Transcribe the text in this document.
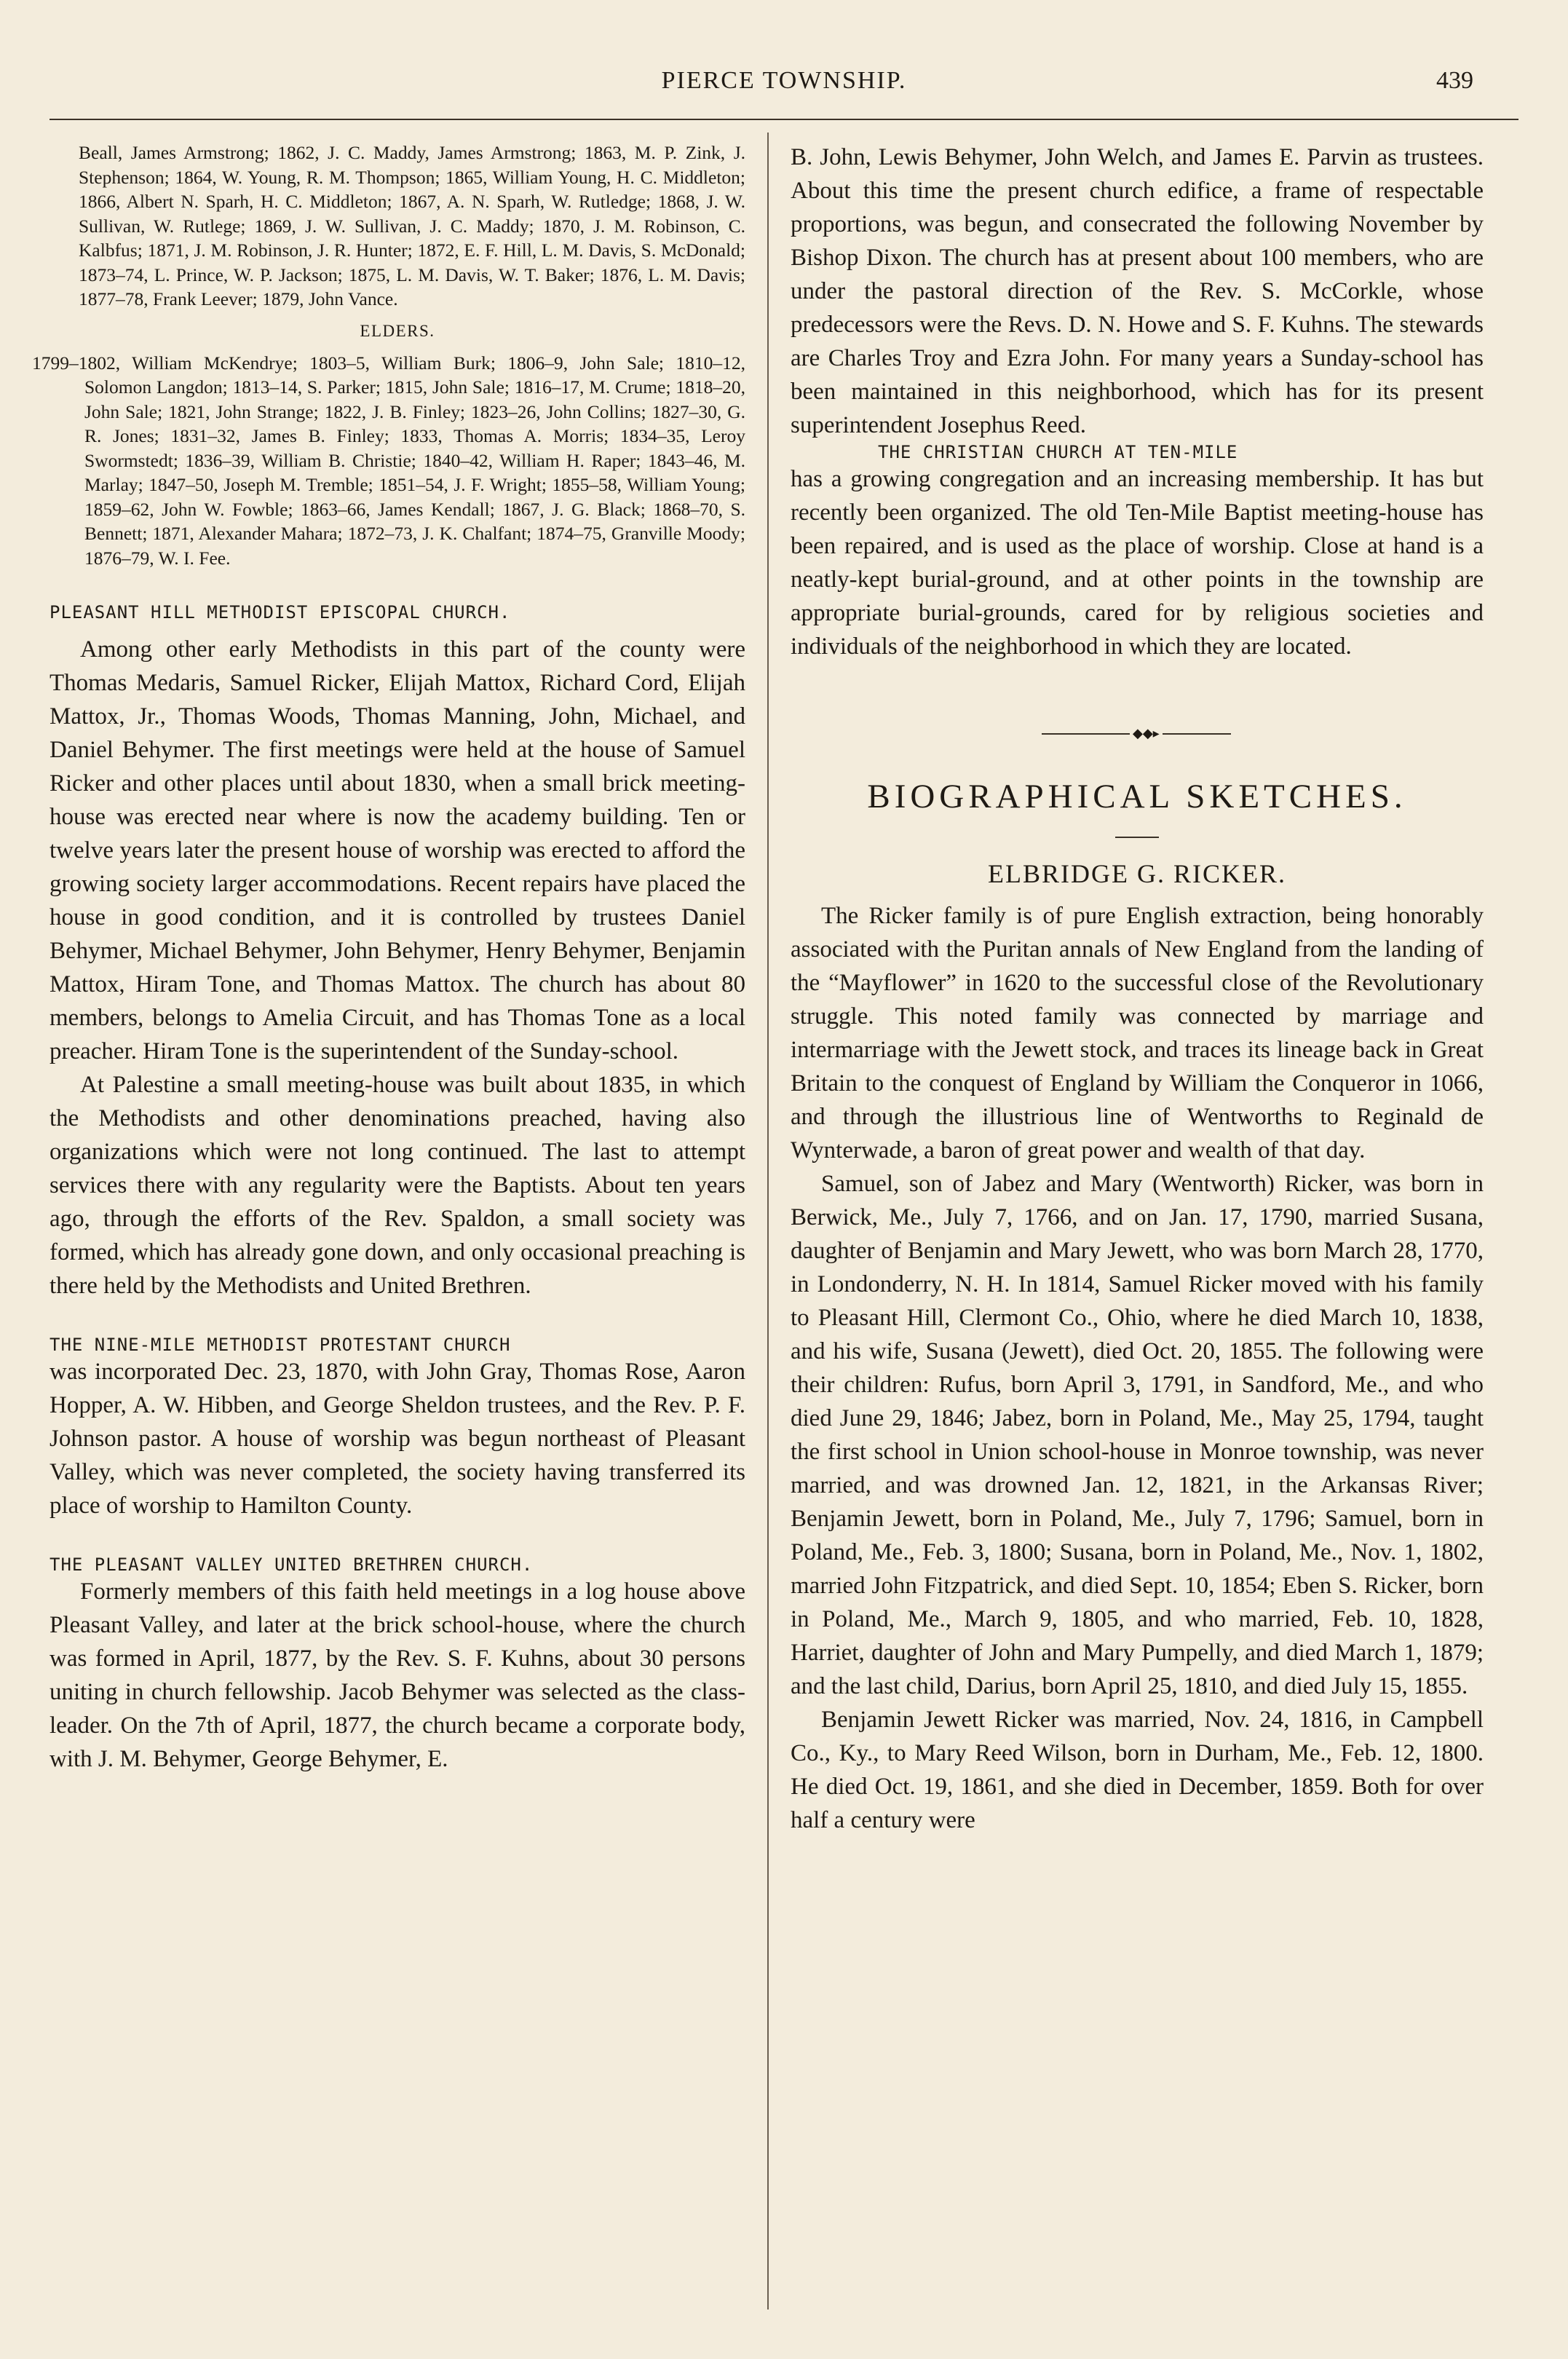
PIERCE TOWNSHIP.	439

Beall, James Armstrong; 1862, J. C. Maddy, James Armstrong; 1863, M. P. Zink, J. Stephenson; 1864, W. Young, R. M. Thompson; 1865, William Young, H. C. Middleton; 1866, Albert N. Sparh, H. C. Middleton; 1867, A. N. Sparh, W. Rutledge; 1868, J. W. Sullivan, W. Rutlege; 1869, J. W. Sullivan, J. C. Maddy; 1870, J. M. Robinson, C. Kalbfus; 1871, J. M. Robinson, J. R. Hunter; 1872, E. F. Hill, L. M. Davis, S. McDonald; 1873–74, L. Prince, W. P. Jackson; 1875, L. M. Davis, W. T. Baker; 1876, L. M. Davis; 1877–78, Frank Leever; 1879, John Vance.

ELDERS.

1799–1802, William McKendrye; 1803–5, William Burk; 1806–9, John Sale; 1810–12, Solomon Langdon; 1813–14, S. Parker; 1815, John Sale; 1816–17, M. Crume; 1818–20, John Sale; 1821, John Strange; 1822, J. B. Finley; 1823–26, John Collins; 1827–30, G. R. Jones; 1831–32, James B. Finley; 1833, Thomas A. Morris; 1834–35, Leroy Swormstedt; 1836–39, William B. Christie; 1840–42, William H. Raper; 1843–46, M. Marlay; 1847–50, Joseph M. Tremble; 1851–54, J. F. Wright; 1855–58, William Young; 1859–62, John W. Fowble; 1863–66, James Kendall; 1867, J. G. Black; 1868–70, S. Bennett; 1871, Alexander Mahara; 1872–73, J. K. Chalfant; 1874–75, Granville Moody; 1876–79, W. I. Fee.

PLEASANT HILL METHODIST EPISCOPAL CHURCH.

Among other early Methodists in this part of the county were Thomas Medaris, Samuel Ricker, Elijah Mattox, Richard Cord, Elijah Mattox, Jr., Thomas Woods, Thomas Manning, John, Michael, and Daniel Behymer. The first meetings were held at the house of Samuel Ricker and other places until about 1830, when a small brick meeting-house was erected near where is now the academy building. Ten or twelve years later the present house of worship was erected to afford the growing society larger accommodations. Recent repairs have placed the house in good condition, and it is controlled by trustees Daniel Behymer, Michael Behymer, John Behymer, Henry Behymer, Benjamin Mattox, Hiram Tone, and Thomas Mattox. The church has about 80 members, belongs to Amelia Circuit, and has Thomas Tone as a local preacher. Hiram Tone is the superintendent of the Sunday-school.

At Palestine a small meeting-house was built about 1835, in which the Methodists and other denominations preached, having also organizations which were not long continued. The last to attempt services there with any regularity were the Baptists. About ten years ago, through the efforts of the Rev. Spaldon, a small society was formed, which has already gone down, and only occasional preaching is there held by the Methodists and United Brethren.

THE NINE-MILE METHODIST PROTESTANT CHURCH

was incorporated Dec. 23, 1870, with John Gray, Thomas Rose, Aaron Hopper, A. W. Hibben, and George Sheldon trustees, and the Rev. P. F. Johnson pastor. A house of worship was begun northeast of Pleasant Valley, which was never completed, the society having transferred its place of worship to Hamilton County.

THE PLEASANT VALLEY UNITED BRETHREN CHURCH.

Formerly members of this faith held meetings in a log house above Pleasant Valley, and later at the brick school-house, where the church was formed in April, 1877, by the Rev. S. F. Kuhns, about 30 persons uniting in church fellowship. Jacob Behymer was selected as the class-leader. On the 7th of April, 1877, the church became a corporate body, with J. M. Behymer, George Behymer, E.

B. John, Lewis Behymer, John Welch, and James E. Parvin as trustees. About this time the present church edifice, a frame of respectable proportions, was begun, and consecrated the following November by Bishop Dixon. The church has at present about 100 members, who are under the pastoral direction of the Rev. S. McCorkle, whose predecessors were the Revs. D. N. Howe and S. F. Kuhns. The stewards are Charles Troy and Ezra John. For many years a Sunday-school has been maintained in this neighborhood, which has for its present superintendent Josephus Reed.

THE CHRISTIAN CHURCH AT TEN-MILE

has a growing congregation and an increasing membership. It has but recently been organized. The old Ten-Mile Baptist meeting-house has been repaired, and is used as the place of worship. Close at hand is a neatly-kept burial-ground, and at other points in the township are appropriate burial-grounds, cared for by religious societies and individuals of the neighborhood in which they are located.

◆◆▸
BIOGRAPHICAL SKETCHES.
ELBRIDGE G. RICKER.

The Ricker family is of pure English extraction, being honorably associated with the Puritan annals of New England from the landing of the “Mayflower” in 1620 to the successful close of the Revolutionary struggle. This noted family was connected by marriage and intermarriage with the Jewett stock, and traces its lineage back in Great Britain to the conquest of England by William the Conqueror in 1066, and through the illustrious line of Wentworths to Reginald de Wynterwade, a baron of great power and wealth of that day.

Samuel, son of Jabez and Mary (Wentworth) Ricker, was born in Berwick, Me., July 7, 1766, and on Jan. 17, 1790, married Susana, daughter of Benjamin and Mary Jewett, who was born March 28, 1770, in Londonderry, N. H. In 1814, Samuel Ricker moved with his family to Pleasant Hill, Clermont Co., Ohio, where he died March 10, 1838, and his wife, Susana (Jewett), died Oct. 20, 1855. The following were their children: Rufus, born April 3, 1791, in Sandford, Me., and who died June 29, 1846; Jabez, born in Poland, Me., May 25, 1794, taught the first school in Union school-house in Monroe township, was never married, and was drowned Jan. 12, 1821, in the Arkansas River; Benjamin Jewett, born in Poland, Me., July 7, 1796; Samuel, born in Poland, Me., Feb. 3, 1800; Susana, born in Poland, Me., Nov. 1, 1802, married John Fitzpatrick, and died Sept. 10, 1854; Eben S. Ricker, born in Poland, Me., March 9, 1805, and who married, Feb. 10, 1828, Harriet, daughter of John and Mary Pumpelly, and died March 1, 1879; and the last child, Darius, born April 25, 1810, and died July 15, 1855.

Benjamin Jewett Ricker was married, Nov. 24, 1816, in Campbell Co., Ky., to Mary Reed Wilson, born in Durham, Me., Feb. 12, 1800. He died Oct. 19, 1861, and she died in December, 1859. Both for over half a century were
